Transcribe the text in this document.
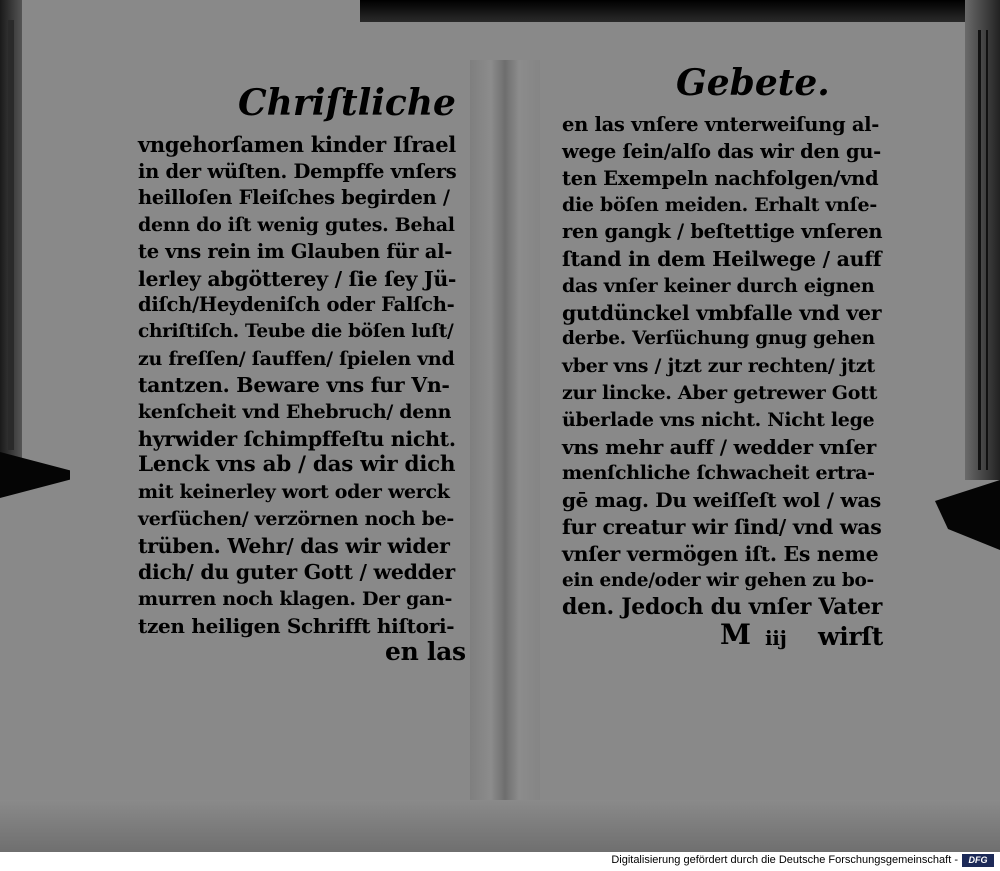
Chriſtliche
vngehorſamen kinder Iſrael
in der wüſten. Dempffe vnſers
heilloſen Fleiſches begirden /
denn do iſt wenig gutes. Behal
te vns rein im Glauben für al-
lerley abgötterey / ſie ſey Jü-
diſch/Heydeniſch oder Falſch-
chriſtiſch. Teube die böſen luſt/
zu freſſen/ ſauffen/ ſpielen vnd
tantzen. Beware vns fur Vn-
kenſcheit vnd Ehebruch/ denn
hyrwider ſchimpffeſtu nicht.
Lenck vns ab / das wir dich
mit keinerley wort oder werck
verſüchen/ verzörnen noch be-
trüben. Wehr/ das wir wider
dich/ du guter Gott / wedder
murren noch klagen. Der gan-
tzen heiligen Schrifft hiſtori-
en las
Gebete.
en las vnſere vnterweiſung al-
wege ſein/alſo das wir den gu-
ten Exempeln nachfolgen/vnd
die böſen meiden. Erhalt vnſe-
ren gangk / beſtettige vnſeren
ſtand in dem Heilwege / auff
das vnſer keiner durch eignen
gutdünckel vmbfalle vnd ver
derbe. Verſüchung gnug gehen
vber vns / jtzt zur rechten/ jtzt
zur lincke. Aber getrewer Gott
überlade vns nicht. Nicht lege
vns mehr auff / wedder vnſer
menſchliche ſchwacheit ertra-
gē mag. Du weiſſeſt wol / was
fur creatur wir ſind/ vnd was
vnſer vermögen iſt. Es neme
ein ende/oder wir gehen zu bo-
den. Jedoch du vnſer Vater
M iij wirſt
Digitalisierung gefördert durch die Deutsche Forschungsgemeinschaft -	DFG
